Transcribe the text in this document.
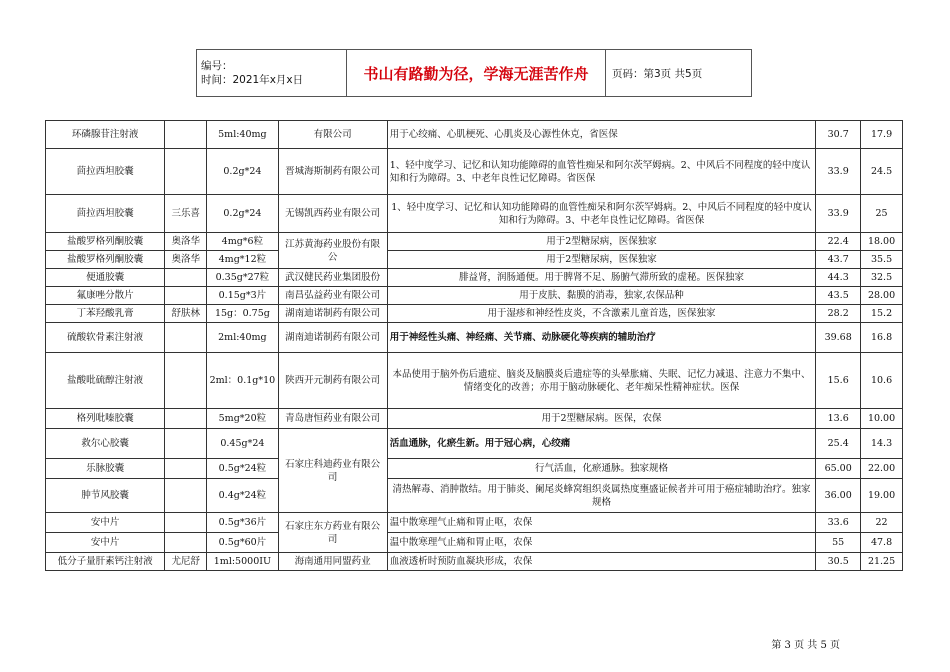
编号：
时间：2021年x月x日	书山有路勤为径，学海无涯苦作舟	页码：第3页 共5页
环磷腺苷注射液		5ml:40mg	有限公司	用于心绞痛、心肌梗死、心肌炎及心源性休克，省医保	30.7	17.9
茴拉西坦胶囊		0.2g*24	晋城海斯制药有限公司	1、轻中度学习、记忆和认知功能障碍的血管性痴呆和阿尔茨罕姆病。2、中风后不同程度的轻中度认知和行为障碍。3、中老年良性记忆障碍。省医保	33.9	24.5
茴拉西坦胶囊	三乐喜	0.2g*24	无锡凯西药业有限公司	1、轻中度学习、记忆和认知功能障碍的血管性痴呆和阿尔茨罕姆病。2、中风后不同程度的轻中度认知和行为障碍。3、中老年良性记忆障碍。省医保	33.9	25
盐酸罗格列酮胶囊	奥洛华	4mg*6粒	江苏黄海药业股份有限公	用于2型糖尿病，医保独家	22.4	18.00
盐酸罗格列酮胶囊	奥洛华	4mg*12粒		用于2型糖尿病，医保独家	43.7	35.5
便通胶囊		0.35g*27粒	武汉健民药业集团股份	腓益肾，润肠通便。用于脾肾不足、肠腑气滞所致的虚秘。医保独家	44.3	32.5
氟康唑分散片		0.15g*3片	南昌弘益药业有限公司	用于皮肤、黏膜的消毒，独家,农保品种	43.5	28.00
丁苯羟酸乳膏	舒肤林	15g：0.75g	湖南迪诺制药有限公司	用于湿疹和神经性皮炎，不含激素儿童首选，医保独家	28.2	15.2
硫酸软骨素注射液		2ml:40mg	湖南迪诺制药有限公司	用于神经性头痛、神经痛、关节痛、动脉硬化等疾病的辅助治疗	39.68	16.8
盐酸吡硫醇注射液		2ml：0.1g*10	陕西开元制药有限公司	本品使用于脑外伤后遗症、脑炎及脑膜炎后遗症等的头晕胀痛、失眠、记忆力减退、注意力不集中、情绪变化的改善；亦用于脑动脉硬化、老年痴呆性精神症状。医保	15.6	10.6
格列吡嗪胶囊		5mg*20粒	青岛唐恒药业有限公司	用于2型糖尿病。医保，农保	13.6	10.00
救尔心胶囊		0.45g*24	石家庄科迪药业有限公司	活血通脉，化瘀生新。用于冠心病，心绞痛	25.4	14.3
乐脉胶囊		0.5g*24粒		行气活血，化瘀通脉。独家规格	65.00	22.00
肿节风胶囊		0.4g*24粒		清热解毒、消肿散结。用于肺炎、阑尾炎蜂窝组织炎属热度壅盛证候者并可用于癌症辅助治疗。独家规格	36.00	19.00
安中片		0.5g*36片	石家庄东方药业有限公司	温中散寒理气止痛和胃止呕，农保	33.6	22
安中片		0.5g*60片		温中散寒理气止痛和胃止呕，农保	55	47.8
低分子量肝素钙注射液	尤尼舒	1ml:5000IU	海南通用同盟药业	血液透析时预防血凝块形成，农保	30.5	21.25
第 3 页 共 5 页
